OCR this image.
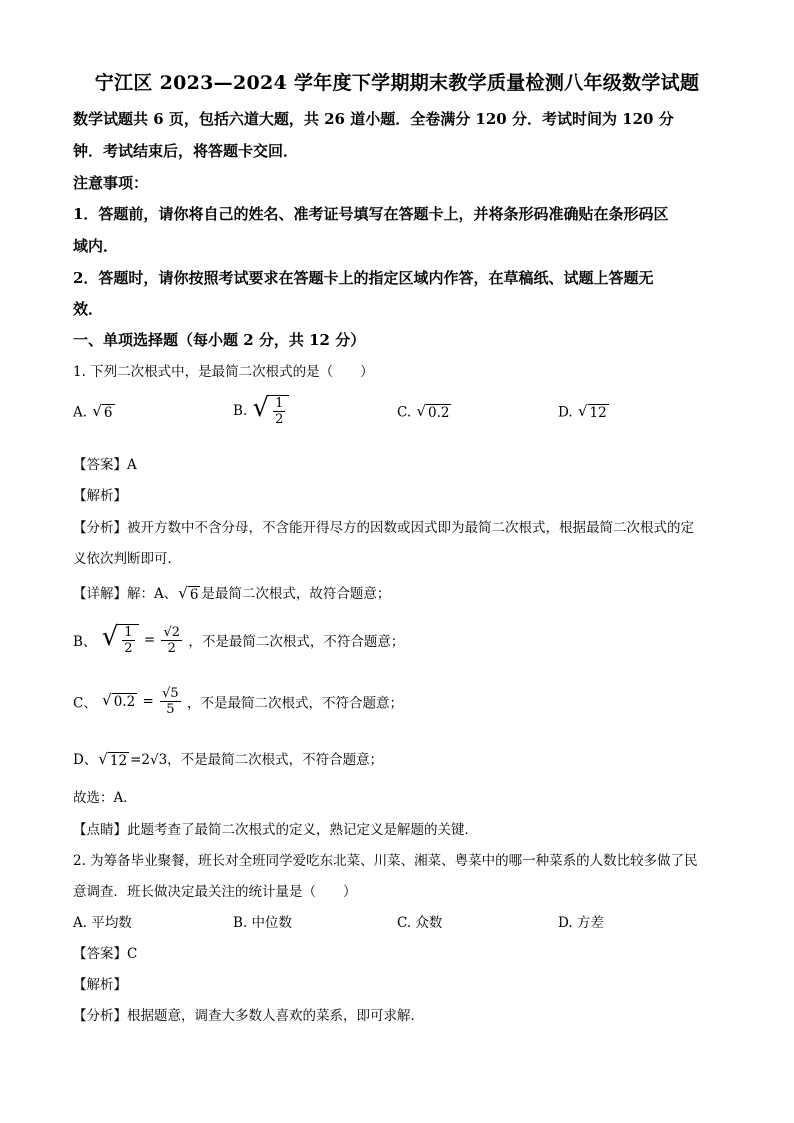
宁江区 2023—2024 学年度下学期期末教学质量检测八年级数学试题
数学试题共 6 页，包括六道大题，共 26 道小题．全卷满分 120 分．考试时间为 120 分
钟．考试结束后，将答题卡交回．
注意事项：
1．答题前，请你将自己的姓名、准考证号填写在答题卡上，并将条形码准确贴在条形码区
域内．
2．答题时，请你按照考试要求在答题卡上的指定区域内作答，在草稿纸、试题上答题无
效．
一、单项选择题（每小题 2 分，共 12 分）
1. 下列二次根式中，是最简二次根式的是（　　）
A. √ 6	B. √ $\frac{1}{2}$	C. √ 0.2	D. √ 12
【答案】A
【解析】
【分析】被开方数中不含分母，不含能开得尽方的因数或因式即为最简二次根式，根据最简二次根式的定
义依次判断即可．
【详解】解：A、 √ 6 是最简二次根式，故符合题意；
B、 √ $\frac{1}{2} = \frac{√2}{2}$ ，不是最简二次根式，不符合题意；
C、 √ $0.2 = \frac{√5}{5}$ ，不是最简二次根式，不符合题意；
D、 √ 12 =2√3，不是最简二次根式，不符合题意；
故选：A．
【点睛】此题考查了最简二次根式的定义，熟记定义是解题的关键．
2. 为筹备毕业聚餐，班长对全班同学爱吃东北菜、川菜、湘菜、粤菜中的哪一种菜系的人数比较多做了民
意调查．班长做决定最关注的统计量是（　　）
A. 平均数	B. 中位数	C. 众数	D. 方差
【答案】C
【解析】
【分析】根据题意，调查大多数人喜欢的菜系，即可求解．
